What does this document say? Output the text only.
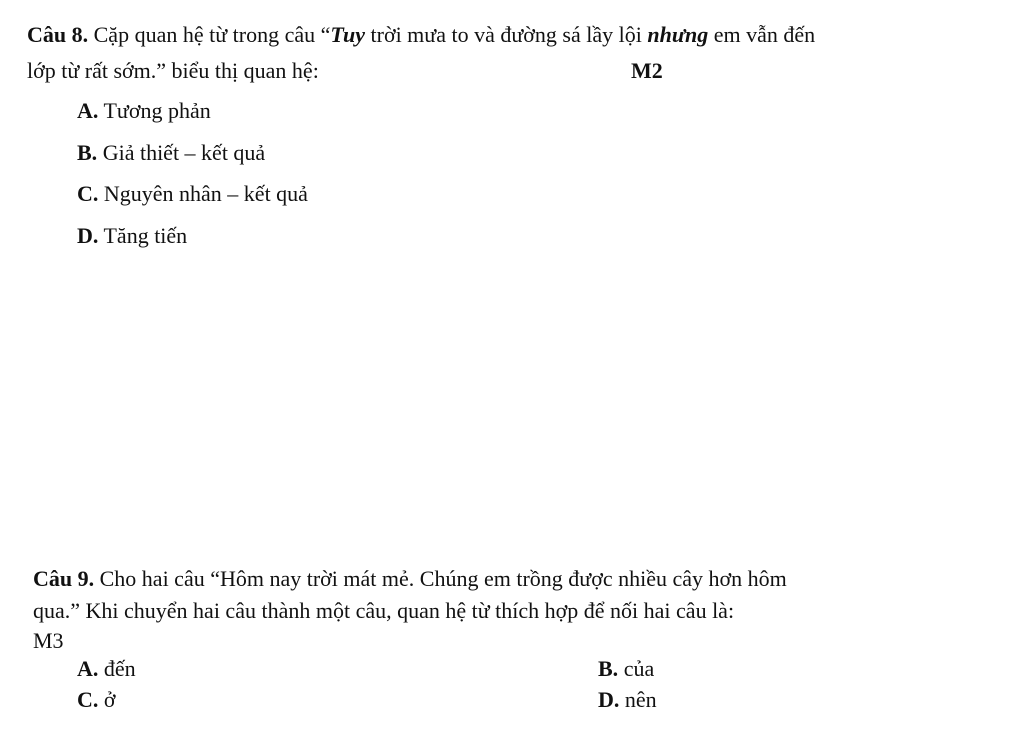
Câu 8. Cặp quan hệ từ trong câu “Tuy trời mưa to và đường sá lầy lội nhưng em vẫn đến
lớp từ rất sớm.” biểu thị quan hệ:	M2
A. Tương phản
B. Giả thiết – kết quả
C. Nguyên nhân – kết quả
D. Tăng tiến
Câu 9. Cho hai câu “Hôm nay trời mát mẻ. Chúng em trồng được nhiều cây hơn hôm
qua.” Khi chuyển hai câu thành một câu, quan hệ từ thích hợp để nối hai câu là:
M3
A. đến	B. của
C. ở	D. nên
